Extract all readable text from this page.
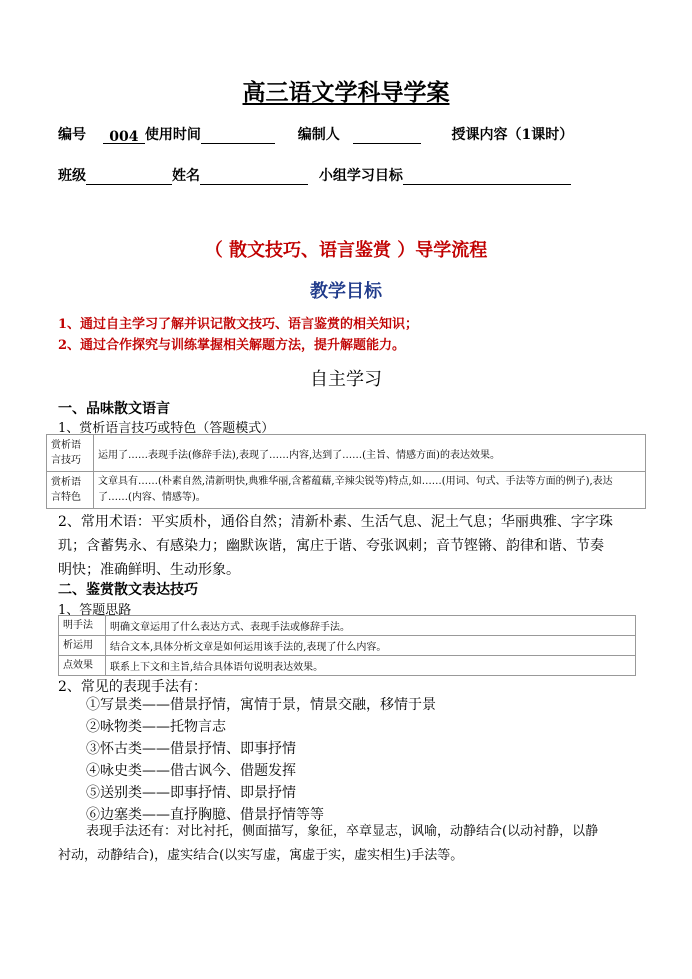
高三语文学科导学案
编号 004 使用时间	编制人	授课内容（1课时）
班级	姓名	小组学习目标
（ 散文技巧、语言鉴赏 ）导学流程
教学目标
1、通过自主学习了解并识记散文技巧、语言鉴赏的相关知识；
2、通过合作探究与训练掌握相关解题方法，提升解题能力。
自主学习
一、品味散文语言
1、赏析语言技巧或特色（答题模式）
赏析语言技巧	运用了……表现手法(修辞手法),表现了……内容,达到了……(主旨、情感方面)的表达效果。
赏析语言特色	文章具有……(朴素自然,清新明快,典雅华丽,含蓄蕴藉,辛辣尖锐等)特点,如……(用词、句式、手法等方面的例子),表达了……(内容、情感等)。
2、常用术语：平实质朴，通俗自然；清新朴素、生活气息、泥土气息；华丽典雅、字字珠
玑；含蓄隽永、有感染力；幽默诙谐，寓庄于谐、夸张讽刺；音节铿锵、韵律和谐、节奏
明快；准确鲜明、生动形象。
二、鉴赏散文表达技巧
1、答题思路
明手法	明确文章运用了什么表达方式、表现手法或修辞手法。
析运用	结合文本,具体分析文章是如何运用该手法的,表现了什么内容。
点效果	联系上下文和主旨,结合具体语句说明表达效果。
2、常见的表现手法有：
①写景类——借景抒情，寓情于景，情景交融，移情于景
②咏物类——托物言志
③怀古类——借景抒情、即事抒情
④咏史类——借古讽今、借题发挥
⑤送别类——即事抒情、即景抒情
⑥边塞类——直抒胸臆、借景抒情等等
表现手法还有：对比衬托，侧面描写，象征，卒章显志，讽喻，动静结合(以动衬静，以静
衬动，动静结合)，虚实结合(以实写虚，寓虚于实，虚实相生)手法等。
